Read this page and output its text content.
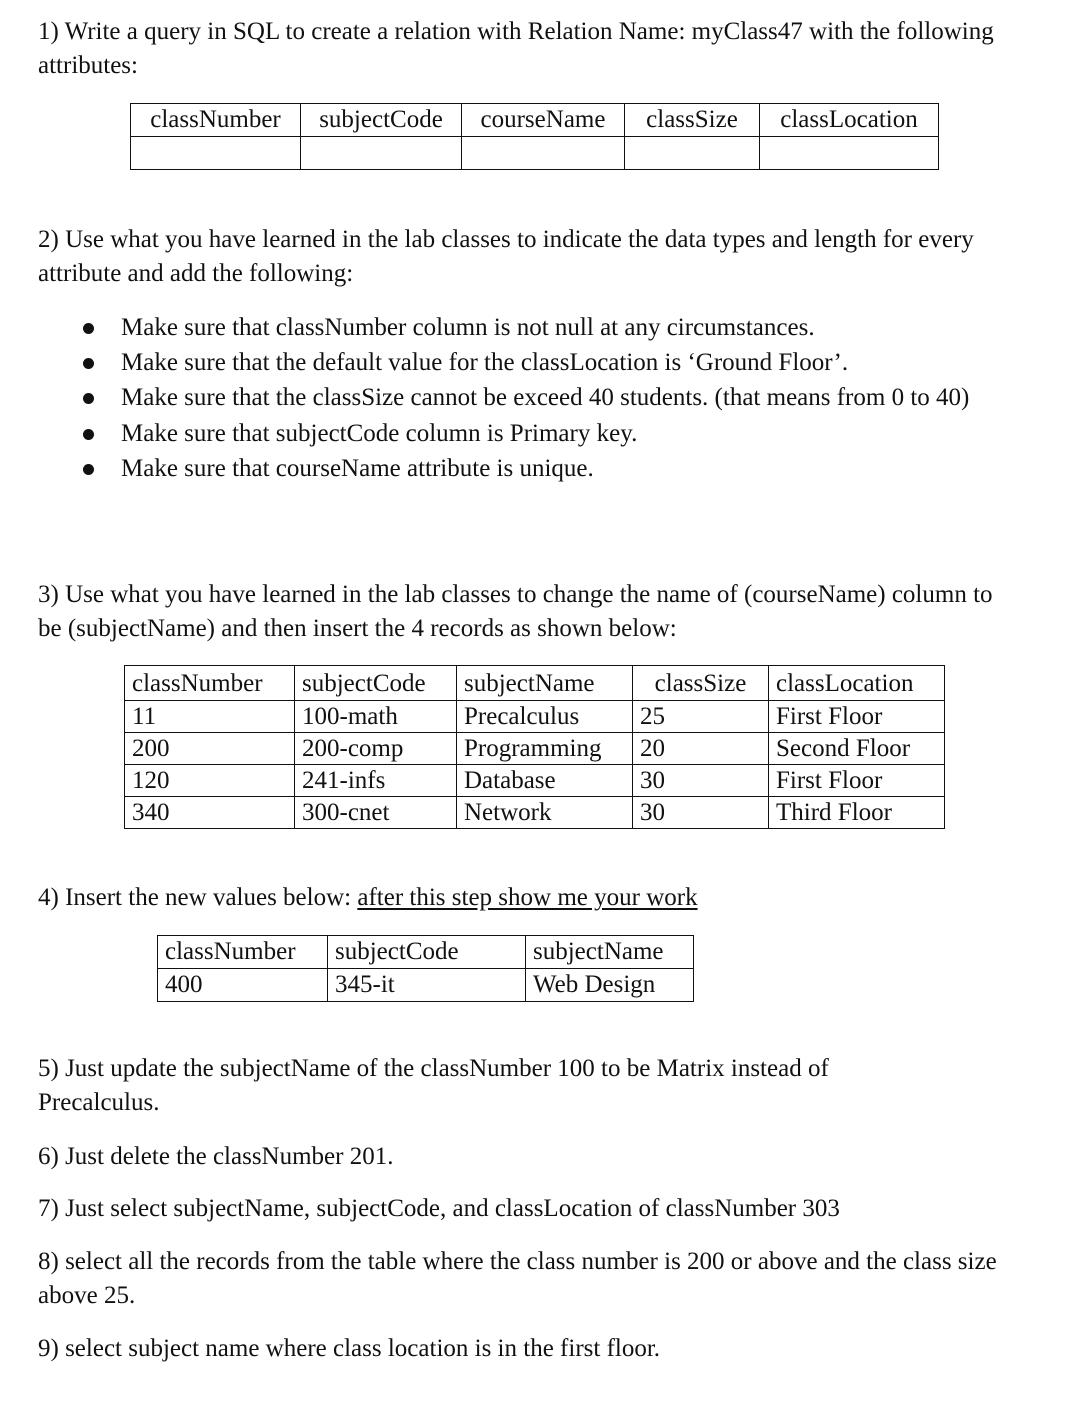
1) Write a query in SQL to create a relation with Relation Name: myClass47 with the following attributes:

classNumber	subjectCode	courseName	classSize	classLocation

2) Use what you have learned in the lab classes to indicate the data types and length for every attribute and add the following:

Make sure that classNumber column is not null at any circumstances.
Make sure that the default value for the classLocation is ‘Ground Floor’.
Make sure that the classSize cannot be exceed 40 students. (that means from 0 to 40)
Make sure that subjectCode column is Primary key.
Make sure that courseName attribute is unique.

3) Use what you have learned in the lab classes to change the name of (courseName) column to be (subjectName) and then insert the 4 records as shown below:

classNumber	subjectCode	subjectName	classSize	classLocation
11	100-math	Precalculus	25	First Floor
200	200-comp	Programming	20	Second Floor
120	241-infs	Database	30	First Floor
340	300-cnet	Network	30	Third Floor

4) Insert the new values below: after this step show me your work

classNumber	subjectCode	subjectName
400	345-it	Web Design

5) Just update the subjectName of the classNumber 100 to be Matrix instead of Precalculus.

6) Just delete the classNumber 201.

7) Just select subjectName, subjectCode, and classLocation of classNumber 303

8) select all the records from the table where the class number is 200 or above and the class size above 25.

9) select subject name where class location is in the first floor.
